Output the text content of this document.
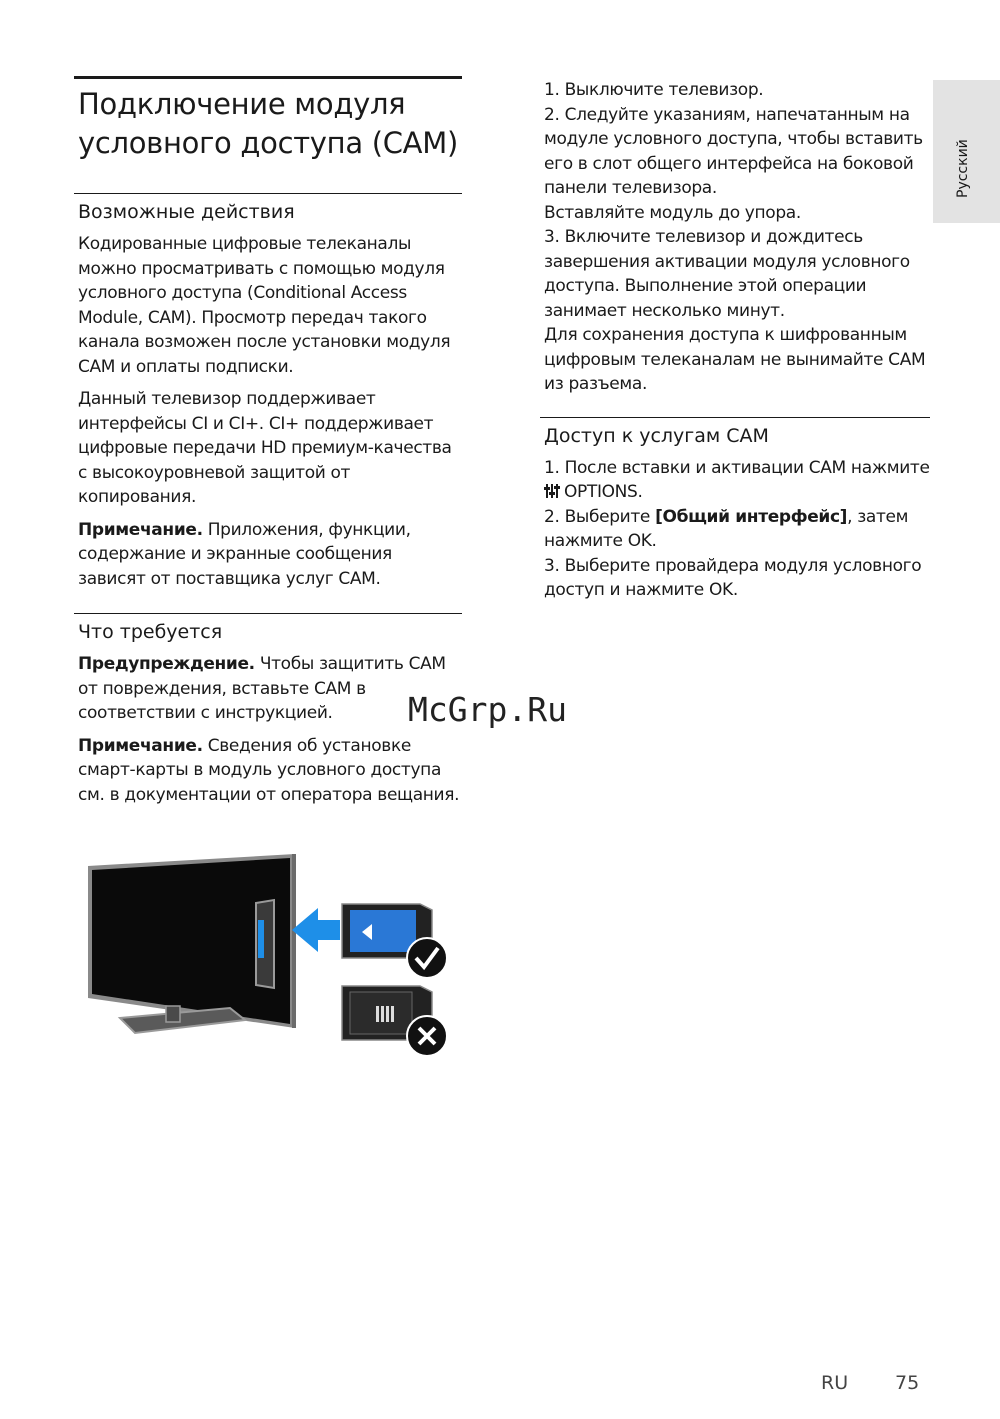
Русский
Подключение модуля
условного доступа (CAM)
Возможные действия

Кодированные цифровые телеканалы можно просматривать с помощью модуля условного доступа (Conditional Access Module, CAM). Просмотр передач такого канала возможен после установки модуля CAM и оплаты подписки.

Данный телевизор поддерживает интерфейсы CI и CI+. CI+ поддерживает цифровые передачи HD премиум-качества с высокоуровневой защитой от копирования.

Примечание. Приложения, функции, содержание и экранные сообщения зависят от поставщика услуг CAM.

Что требуется

Предупреждение. Чтобы защитить CAM от повреждения, вставьте CAM в соответствии с инструкцией.

Примечание. Сведения об установке смарт-карты в модуль условного доступа см. в документации от оператора вещания.

1. Выключите телевизор.

2. Следуйте указаниям, напечатанным на модуле условного доступа, чтобы вставить его в слот общего интерфейса на боковой панели телевизора.

Вставляйте модуль до упора.

3. Включите телевизор и дождитесь завершения активации модуля условного доступа. Выполнение этой операции занимает несколько минут.

Для сохранения доступа к шифрованным цифровым телеканалам не вынимайте CAM из разъема.

Доступ к услугам CAM

1. После вставки и активации CAM нажмите OPTIONS.

2. Выберите [Общий интерфейс], затем нажмите OK.

3. Выберите провайдера модуля условного доступ и нажмите OK.

McGrp.Ru
RU 75
